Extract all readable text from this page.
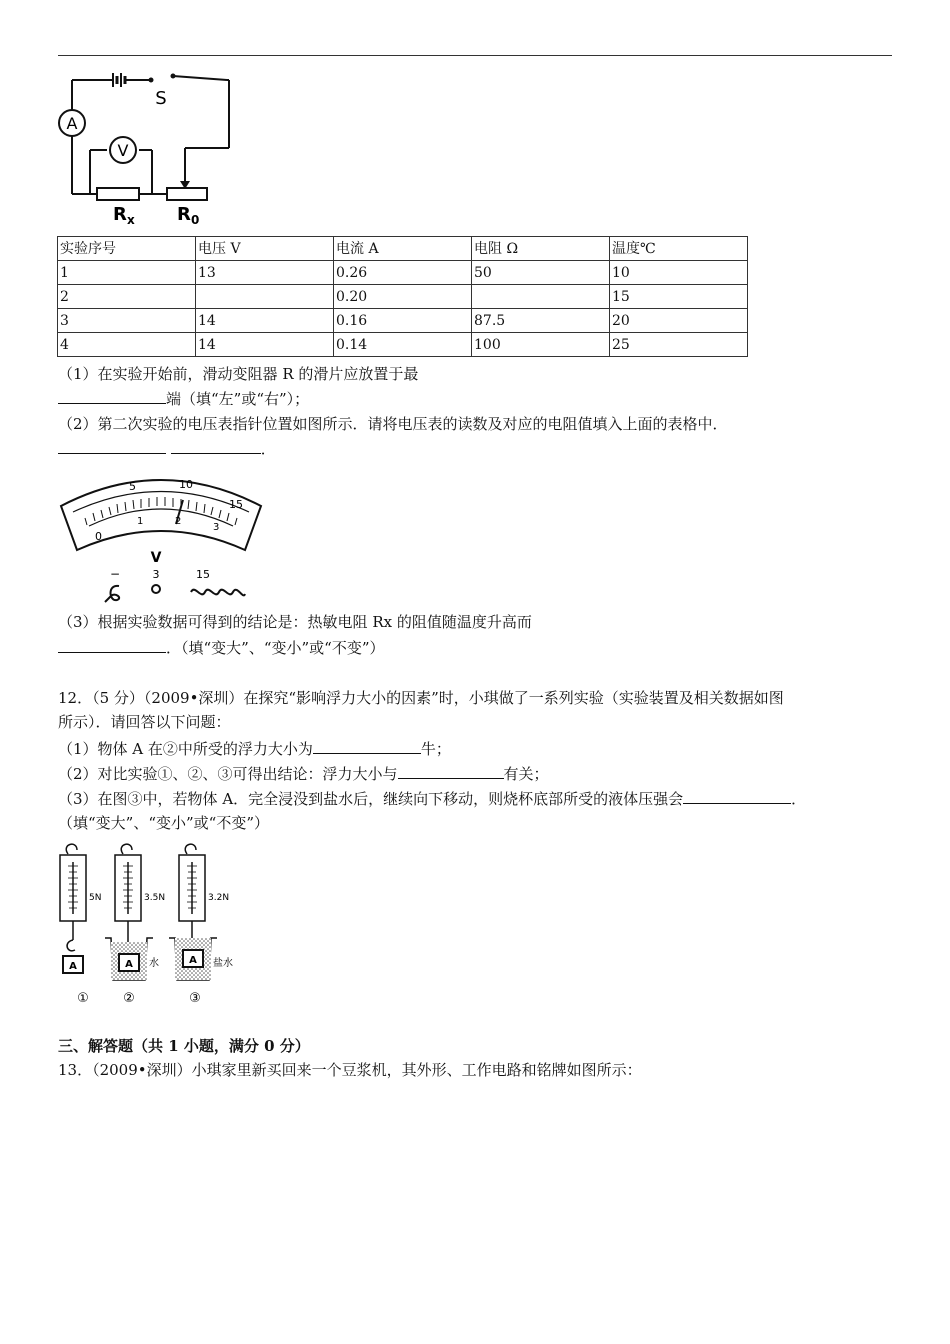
A
V
S
R x R 0
实验序号	电压 V	电流 A	电阻 Ω	温度℃
1	13	0.26	50	10
2		0.20		15
3	14	0.16	87.5	20
4	14	0.14	100	25
（1）在实验开始前，滑动变阻器 R 的滑片应放置于最
端（填“左”或“右”）；
（2）第二次实验的电压表指针位置如图所示．请将电压表的读数及对应的电阻值填入上面的表格中．
．
0
5	10
15
1	2
3
V
−	3	15
（3）根据实验数据可得到的结论是：热敏电阻 Rx 的阻值随温度升高而
．（填“变大”、“变小”或“不变”）
12．（5 分）（2009•深圳）在探究“影响浮力大小的因素”时，小琪做了一系列实验（实验装置及相关数据如图
所示）．请回答以下问题：
（1）物体 A 在②中所受的浮力大小为	牛；
（2）对比实验①、②、③可得出结论：浮力大小与	有关；
（3）在图③中，若物体 A．完全浸没到盐水后，继续向下移动，则烧杯底部所受的液体压强会	．
（填“变大”、“变小”或“不变”）
5N	3.5N	3.2N
A	A	A
水	盐水
①	②	③
三、解答题（共 1 小题，满分 0 分）
13．（2009•深圳）小琪家里新买回来一个豆浆机，其外形、工作电路和铭牌如图所示：
